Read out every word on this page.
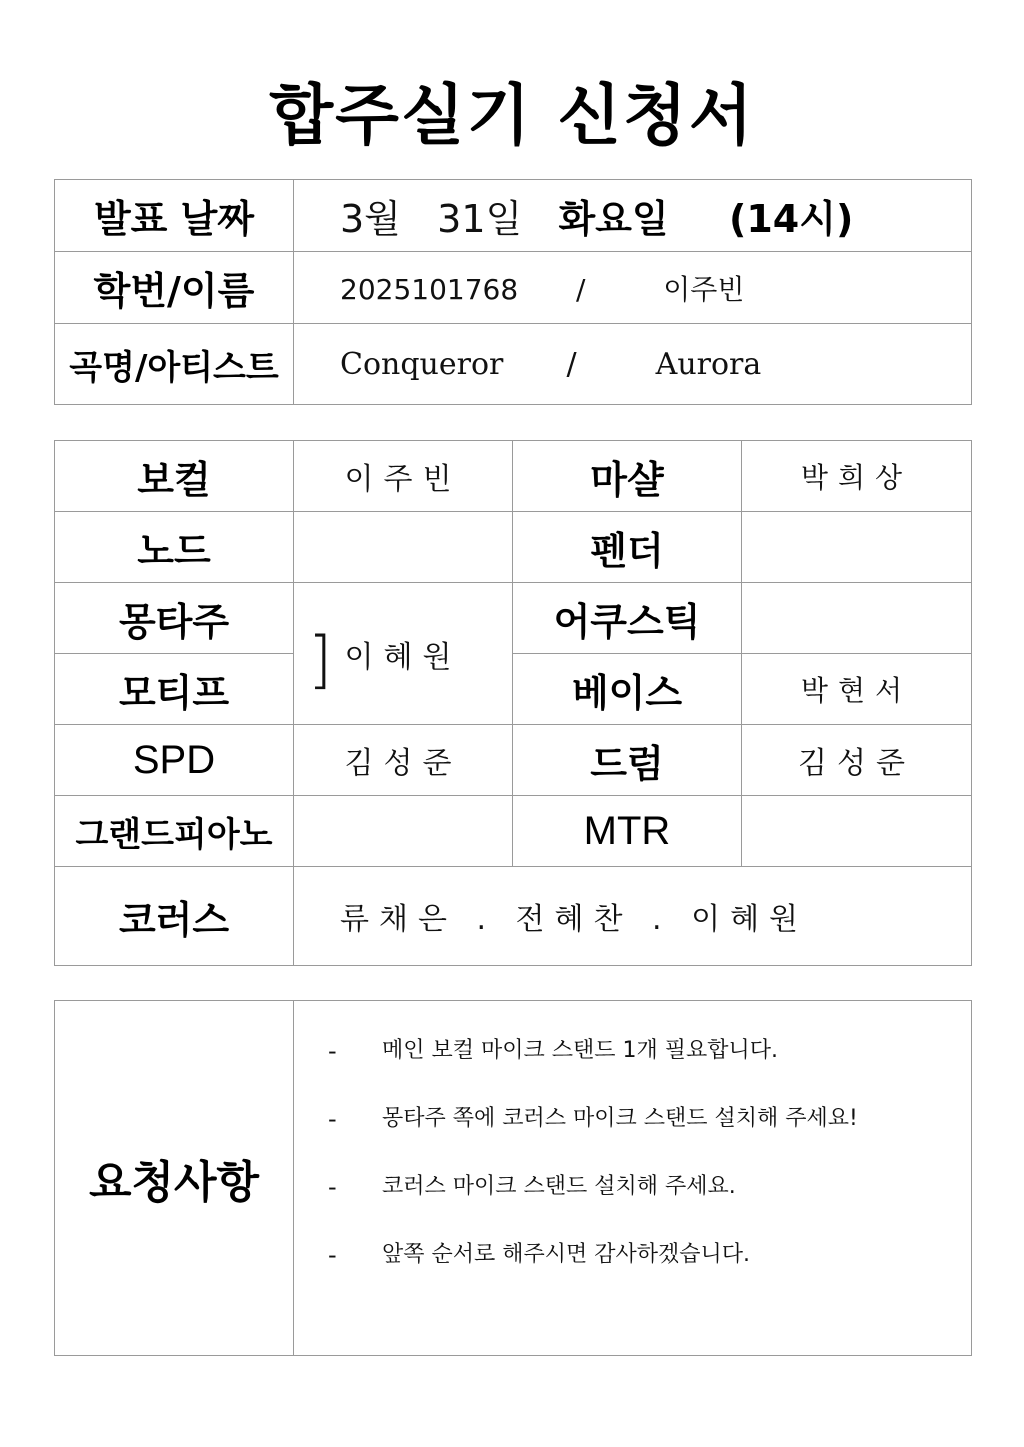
합주실기 신청서
발표 날짜	3월 31일 화요일 (14시)
학번/이름	2025101768 / 이주빈
곡명/아티스트	Conqueror / Aurora
보컬	이주빈	마샬	박희상
노드		펜더	
몽타주	] 이혜원	어쿠스틱	
모티프		베이스	박현서
SPD	김성준	드럼	김성준
그랜드피아노		MTR	
코러스	류채은 . 전혜찬 . 이혜원		
요청사항	
- 메인 보컬 마이크 스탠드 1개 필요합니다.
- 몽타주 쪽에 코러스 마이크 스탠드 설치해 주세요!
- 코러스 마이크 스탠드 설치해 주세요.
- 앞쪽 순서로 해주시면 감사하겠습니다.
